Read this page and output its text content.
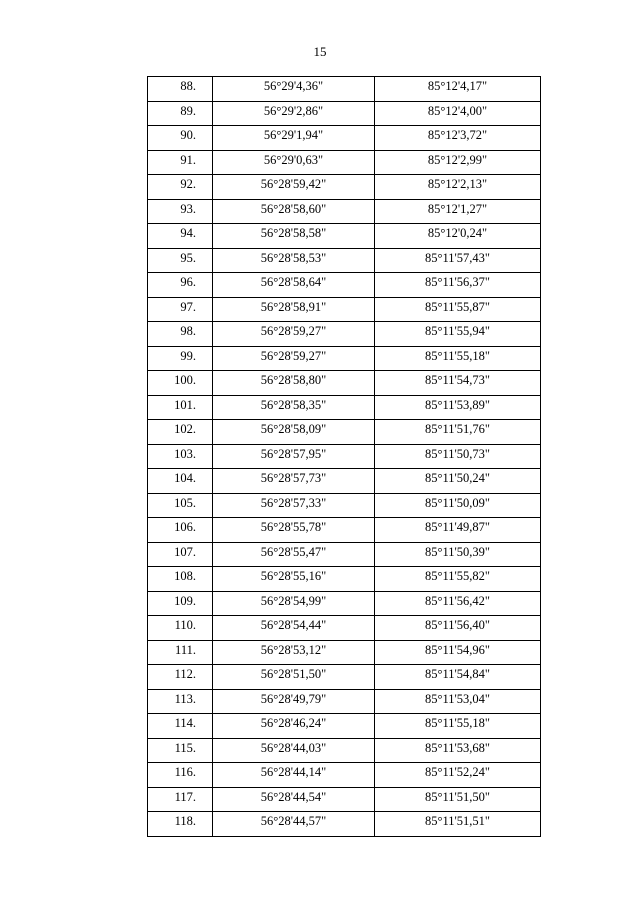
15
88.	56°29'4,36"	85°12'4,17"
89.	56°29'2,86"	85°12'4,00"
90.	56°29'1,94"	85°12'3,72"
91.	56°29'0,63"	85°12'2,99"
92.	56°28'59,42"	85°12'2,13"
93.	56°28'58,60"	85°12'1,27"
94.	56°28'58,58"	85°12'0,24"
95.	56°28'58,53"	85°11'57,43"
96.	56°28'58,64"	85°11'56,37"
97.	56°28'58,91"	85°11'55,87"
98.	56°28'59,27"	85°11'55,94"
99.	56°28'59,27"	85°11'55,18"
100.	56°28'58,80"	85°11'54,73"
101.	56°28'58,35"	85°11'53,89"
102.	56°28'58,09"	85°11'51,76"
103.	56°28'57,95"	85°11'50,73"
104.	56°28'57,73"	85°11'50,24"
105.	56°28'57,33"	85°11'50,09"
106.	56°28'55,78"	85°11'49,87"
107.	56°28'55,47"	85°11'50,39"
108.	56°28'55,16"	85°11'55,82"
109.	56°28'54,99"	85°11'56,42"
110.	56°28'54,44"	85°11'56,40"
111.	56°28'53,12"	85°11'54,96"
112.	56°28'51,50"	85°11'54,84"
113.	56°28'49,79"	85°11'53,04"
114.	56°28'46,24"	85°11'55,18"
115.	56°28'44,03"	85°11'53,68"
116.	56°28'44,14"	85°11'52,24"
117.	56°28'44,54"	85°11'51,50"
118.	56°28'44,57"	85°11'51,51"
